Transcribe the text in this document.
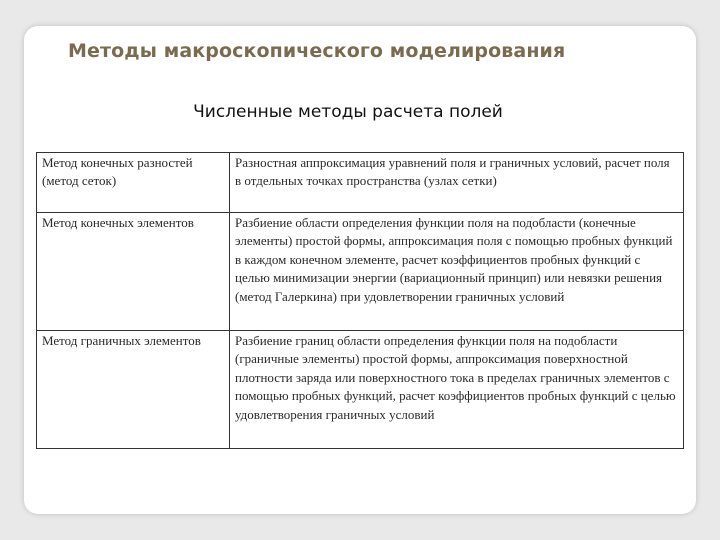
Методы макроскопического моделирования
Численные методы расчета полей
Метод конечных разностей (метод сеток)	Разностная аппроксимация уравнений поля и граничных условий, расчет поля в отдельных точках пространства (узлах сетки)
Метод конечных элементов	Разбиение области определения функции поля на подобласти (конечные элементы) простой формы, аппроксимация поля с помощью пробных функций в каждом конечном элементе, расчет коэффициентов пробных функций с целью минимизации энергии (вариационный принцип) или невязки решения (метод Галеркина) при удовлетворении граничных условий
Метод граничных элементов	Разбиение границ области определения функции поля на подобласти (граничные элементы) простой формы, аппроксимация поверхностной плотности заряда или поверхностного тока в пределах граничных элементов с помощью пробных функций, расчет коэффициентов пробных функций с целью удовлетворения граничных условий
